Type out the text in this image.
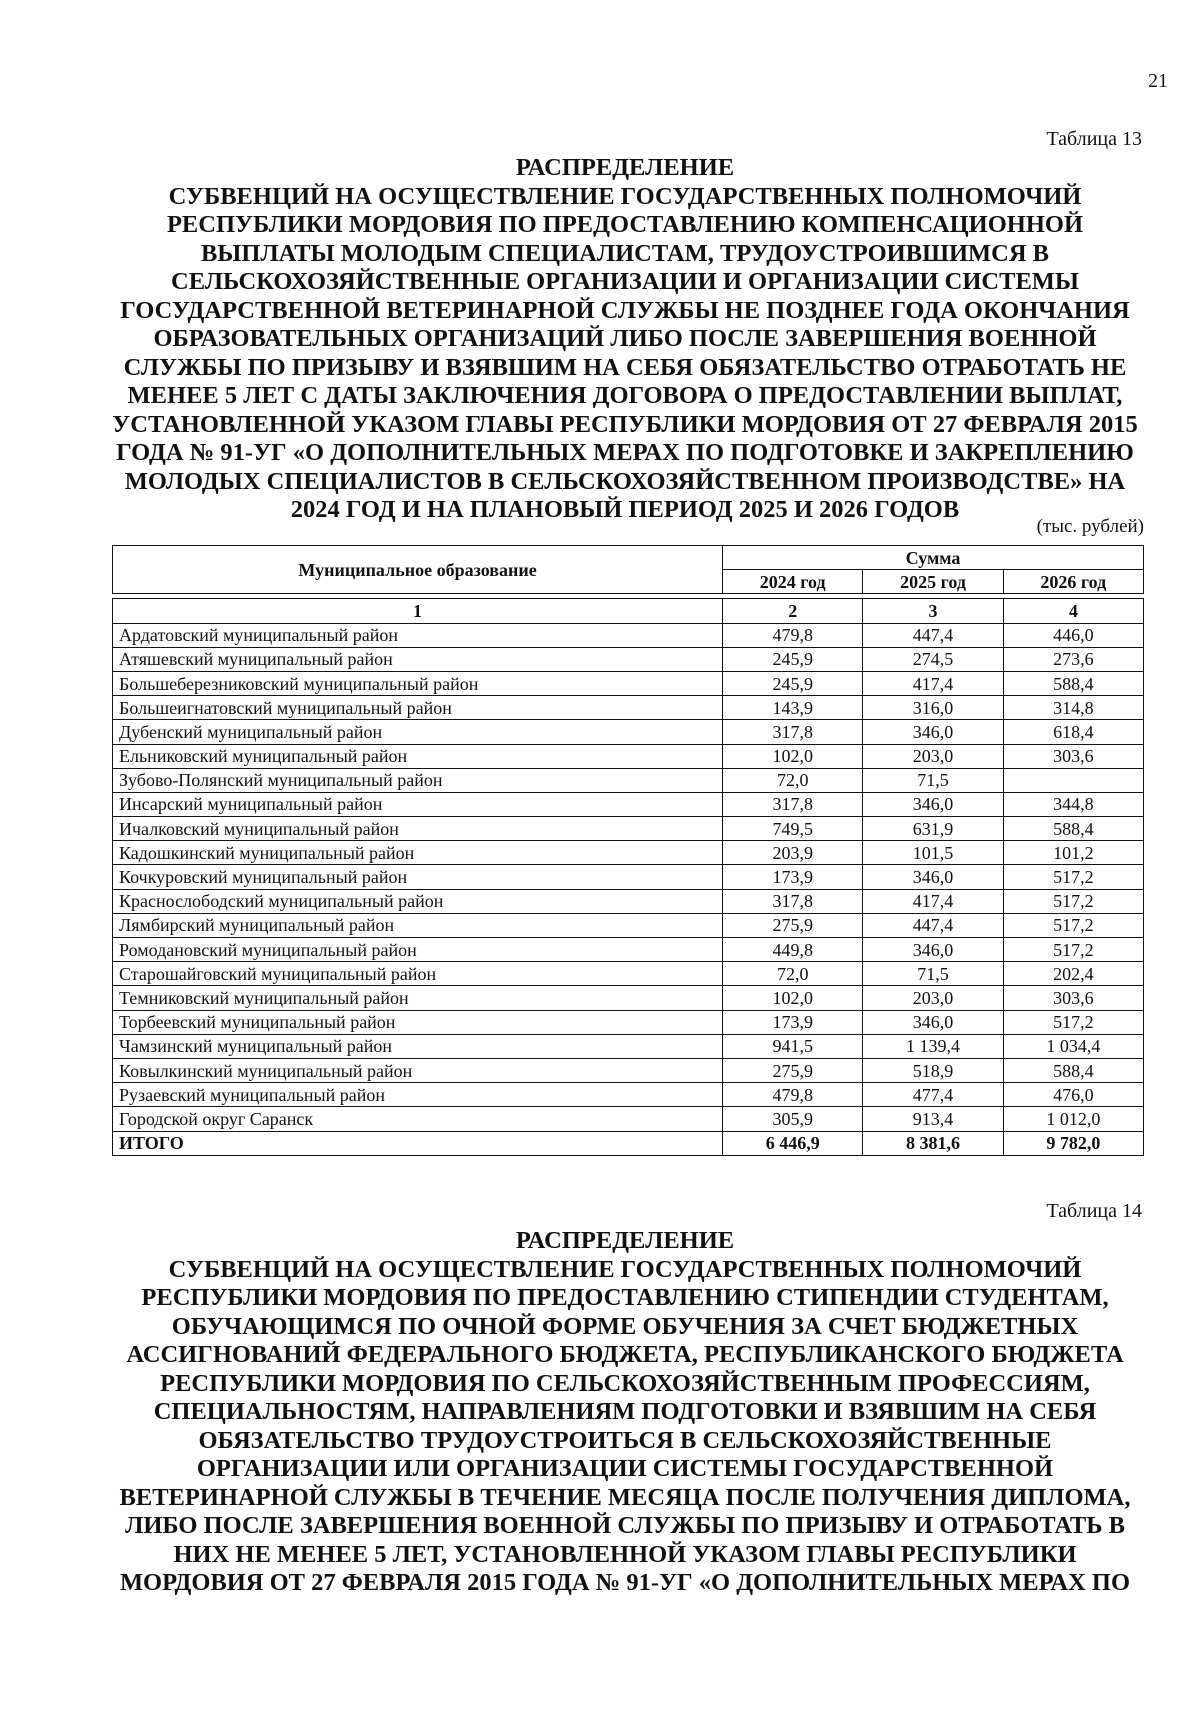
21
Таблица 13
РАСПРЕДЕЛЕНИЕ
СУБВЕНЦИЙ НА ОСУЩЕСТВЛЕНИЕ ГОСУДАРСТВЕННЫХ ПОЛНОМОЧИЙ
РЕСПУБЛИКИ МОРДОВИЯ ПО ПРЕДОСТАВЛЕНИЮ КОМПЕНСАЦИОННОЙ
ВЫПЛАТЫ МОЛОДЫМ СПЕЦИАЛИСТАМ, ТРУДОУСТРОИВШИМСЯ В
СЕЛЬСКОХОЗЯЙСТВЕННЫЕ ОРГАНИЗАЦИИ И ОРГАНИЗАЦИИ СИСТЕМЫ
ГОСУДАРСТВЕННОЙ ВЕТЕРИНАРНОЙ СЛУЖБЫ НЕ ПОЗДНЕЕ ГОДА ОКОНЧАНИЯ
ОБРАЗОВАТЕЛЬНЫХ ОРГАНИЗАЦИЙ ЛИБО ПОСЛЕ ЗАВЕРШЕНИЯ ВОЕННОЙ
СЛУЖБЫ ПО ПРИЗЫВУ И ВЗЯВШИМ НА СЕБЯ ОБЯЗАТЕЛЬСТВО ОТРАБОТАТЬ НЕ
МЕНЕЕ 5 ЛЕТ С ДАТЫ ЗАКЛЮЧЕНИЯ ДОГОВОРА О ПРЕДОСТАВЛЕНИИ ВЫПЛАТ,
УСТАНОВЛЕННОЙ УКАЗОМ ГЛАВЫ РЕСПУБЛИКИ МОРДОВИЯ ОТ 27 ФЕВРАЛЯ 2015
ГОДА № 91-УГ «О ДОПОЛНИТЕЛЬНЫХ МЕРАХ ПО ПОДГОТОВКЕ И ЗАКРЕПЛЕНИЮ
МОЛОДЫХ СПЕЦИАЛИСТОВ В СЕЛЬСКОХОЗЯЙСТВЕННОМ ПРОИЗВОДСТВЕ» НА
2024 ГОД И НА ПЛАНОВЫЙ ПЕРИОД 2025 И 2026 ГОДОВ
(тыс. рублей)
Муниципальное образование	Сумма		
	2024 год	2025 год	2026 год

1	2	3	4
Ардатовский муниципальный район	479,8	447,4	446,0
Атяшевский муниципальный район	245,9	274,5	273,6
Большеберезниковский муниципальный район	245,9	417,4	588,4
Большеигнатовский муниципальный район	143,9	316,0	314,8
Дубенский муниципальный район	317,8	346,0	618,4
Ельниковский муниципальный район	102,0	203,0	303,6
Зубово-Полянский муниципальный район	72,0	71,5	
Инсарский муниципальный район	317,8	346,0	344,8
Ичалковский муниципальный район	749,5	631,9	588,4
Кадошкинский муниципальный район	203,9	101,5	101,2
Кочкуровский муниципальный район	173,9	346,0	517,2
Краснослободский муниципальный район	317,8	417,4	517,2
Лямбирский муниципальный район	275,9	447,4	517,2
Ромодановский муниципальный район	449,8	346,0	517,2
Старошайговский муниципальный район	72,0	71,5	202,4
Темниковский муниципальный район	102,0	203,0	303,6
Торбеевский муниципальный район	173,9	346,0	517,2
Чамзинский муниципальный район	941,5	1 139,4	1 034,4
Ковылкинский муниципальный район	275,9	518,9	588,4
Рузаевский муниципальный район	479,8	477,4	476,0
Городской округ Саранск	305,9	913,4	1 012,0
ИТОГО	6 446,9	8 381,6	9 782,0
Таблица 14
РАСПРЕДЕЛЕНИЕ
СУБВЕНЦИЙ НА ОСУЩЕСТВЛЕНИЕ ГОСУДАРСТВЕННЫХ ПОЛНОМОЧИЙ
РЕСПУБЛИКИ МОРДОВИЯ ПО ПРЕДОСТАВЛЕНИЮ СТИПЕНДИИ СТУДЕНТАМ,
ОБУЧАЮЩИМСЯ ПО ОЧНОЙ ФОРМЕ ОБУЧЕНИЯ ЗА СЧЕТ БЮДЖЕТНЫХ
АССИГНОВАНИЙ ФЕДЕРАЛЬНОГО БЮДЖЕТА, РЕСПУБЛИКАНСКОГО БЮДЖЕТА
РЕСПУБЛИКИ МОРДОВИЯ ПО СЕЛЬСКОХОЗЯЙСТВЕННЫМ ПРОФЕССИЯМ,
СПЕЦИАЛЬНОСТЯМ, НАПРАВЛЕНИЯМ ПОДГОТОВКИ И ВЗЯВШИМ НА СЕБЯ
ОБЯЗАТЕЛЬСТВО ТРУДОУСТРОИТЬСЯ В СЕЛЬСКОХОЗЯЙСТВЕННЫЕ
ОРГАНИЗАЦИИ ИЛИ ОРГАНИЗАЦИИ СИСТЕМЫ ГОСУДАРСТВЕННОЙ
ВЕТЕРИНАРНОЙ СЛУЖБЫ В ТЕЧЕНИЕ МЕСЯЦА ПОСЛЕ ПОЛУЧЕНИЯ ДИПЛОМА,
ЛИБО ПОСЛЕ ЗАВЕРШЕНИЯ ВОЕННОЙ СЛУЖБЫ ПО ПРИЗЫВУ И ОТРАБОТАТЬ В
НИХ НЕ МЕНЕЕ 5 ЛЕТ, УСТАНОВЛЕННОЙ УКАЗОМ ГЛАВЫ РЕСПУБЛИКИ
МОРДОВИЯ ОТ 27 ФЕВРАЛЯ 2015 ГОДА № 91-УГ «О ДОПОЛНИТЕЛЬНЫХ МЕРАХ ПО
